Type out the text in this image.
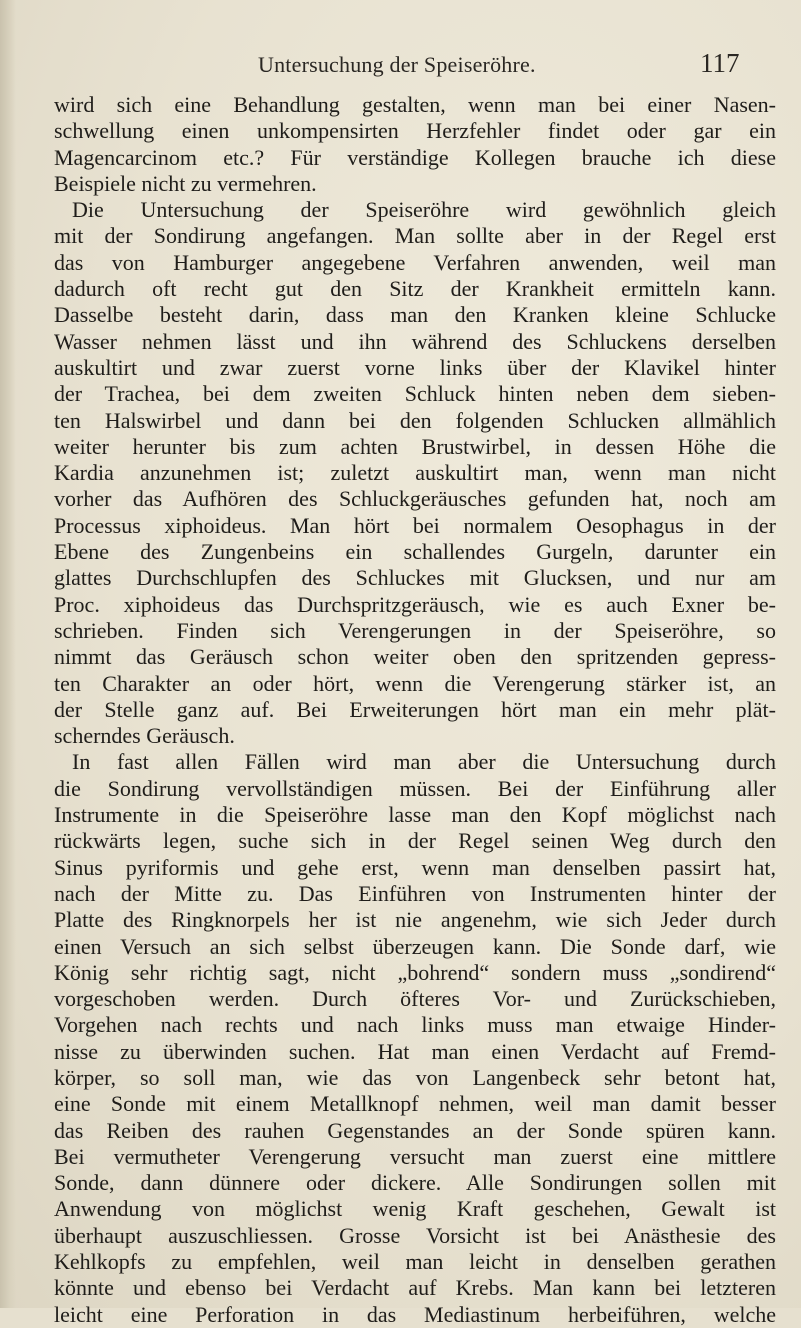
Untersuchung der Speiseröhre.	117
wird sich eine Behandlung gestalten, wenn man bei einer Nasen-
schwellung einen unkompensirten Herzfehler findet oder gar ein
Magencarcinom etc.? Für verständige Kollegen brauche ich diese
Beispiele nicht zu vermehren.
Die Untersuchung der Speiseröhre wird gewöhnlich gleich
mit der Sondirung angefangen. Man sollte aber in der Regel erst
das von Hamburger angegebene Verfahren anwenden, weil man
dadurch oft recht gut den Sitz der Krankheit ermitteln kann.
Dasselbe besteht darin, dass man den Kranken kleine Schlucke
Wasser nehmen lässt und ihn während des Schluckens derselben
auskultirt und zwar zuerst vorne links über der Klavikel hinter
der Trachea, bei dem zweiten Schluck hinten neben dem sieben-
ten Halswirbel und dann bei den folgenden Schlucken allmählich
weiter herunter bis zum achten Brustwirbel, in dessen Höhe die
Kardia anzunehmen ist; zuletzt auskultirt man, wenn man nicht
vorher das Aufhören des Schluckgeräusches gefunden hat, noch am
Processus xiphoideus. Man hört bei normalem Oesophagus in der
Ebene des Zungenbeins ein schallendes Gurgeln, darunter ein
glattes Durchschlupfen des Schluckes mit Glucksen, und nur am
Proc. xiphoideus das Durchspritzgeräusch, wie es auch Exner be-
schrieben. Finden sich Verengerungen in der Speiseröhre, so
nimmt das Geräusch schon weiter oben den spritzenden gepress-
ten Charakter an oder hört, wenn die Verengerung stärker ist, an
der Stelle ganz auf. Bei Erweiterungen hört man ein mehr plät-
scherndes Geräusch.
In fast allen Fällen wird man aber die Untersuchung durch
die Sondirung vervollständigen müssen. Bei der Einführung aller
Instrumente in die Speiseröhre lasse man den Kopf möglichst nach
rückwärts legen, suche sich in der Regel seinen Weg durch den
Sinus pyriformis und gehe erst, wenn man denselben passirt hat,
nach der Mitte zu. Das Einführen von Instrumenten hinter der
Platte des Ringknorpels her ist nie angenehm, wie sich Jeder durch
einen Versuch an sich selbst überzeugen kann. Die Sonde darf, wie
König sehr richtig sagt, nicht „bohrend“ sondern muss „sondirend“
vorgeschoben werden. Durch öfteres Vor- und Zurückschieben,
Vorgehen nach rechts und nach links muss man etwaige Hinder-
nisse zu überwinden suchen. Hat man einen Verdacht auf Fremd-
körper, so soll man, wie das von Langenbeck sehr betont hat,
eine Sonde mit einem Metallknopf nehmen, weil man damit besser
das Reiben des rauhen Gegenstandes an der Sonde spüren kann.
Bei vermutheter Verengerung versucht man zuerst eine mittlere
Sonde, dann dünnere oder dickere. Alle Sondirungen sollen mit
Anwendung von möglichst wenig Kraft geschehen, Gewalt ist
überhaupt auszuschliessen. Grosse Vorsicht ist bei Anästhesie des
Kehlkopfs zu empfehlen, weil man leicht in denselben gerathen
könnte und ebenso bei Verdacht auf Krebs. Man kann bei letzteren
leicht eine Perforation in das Mediastinum herbeiführen, welche
